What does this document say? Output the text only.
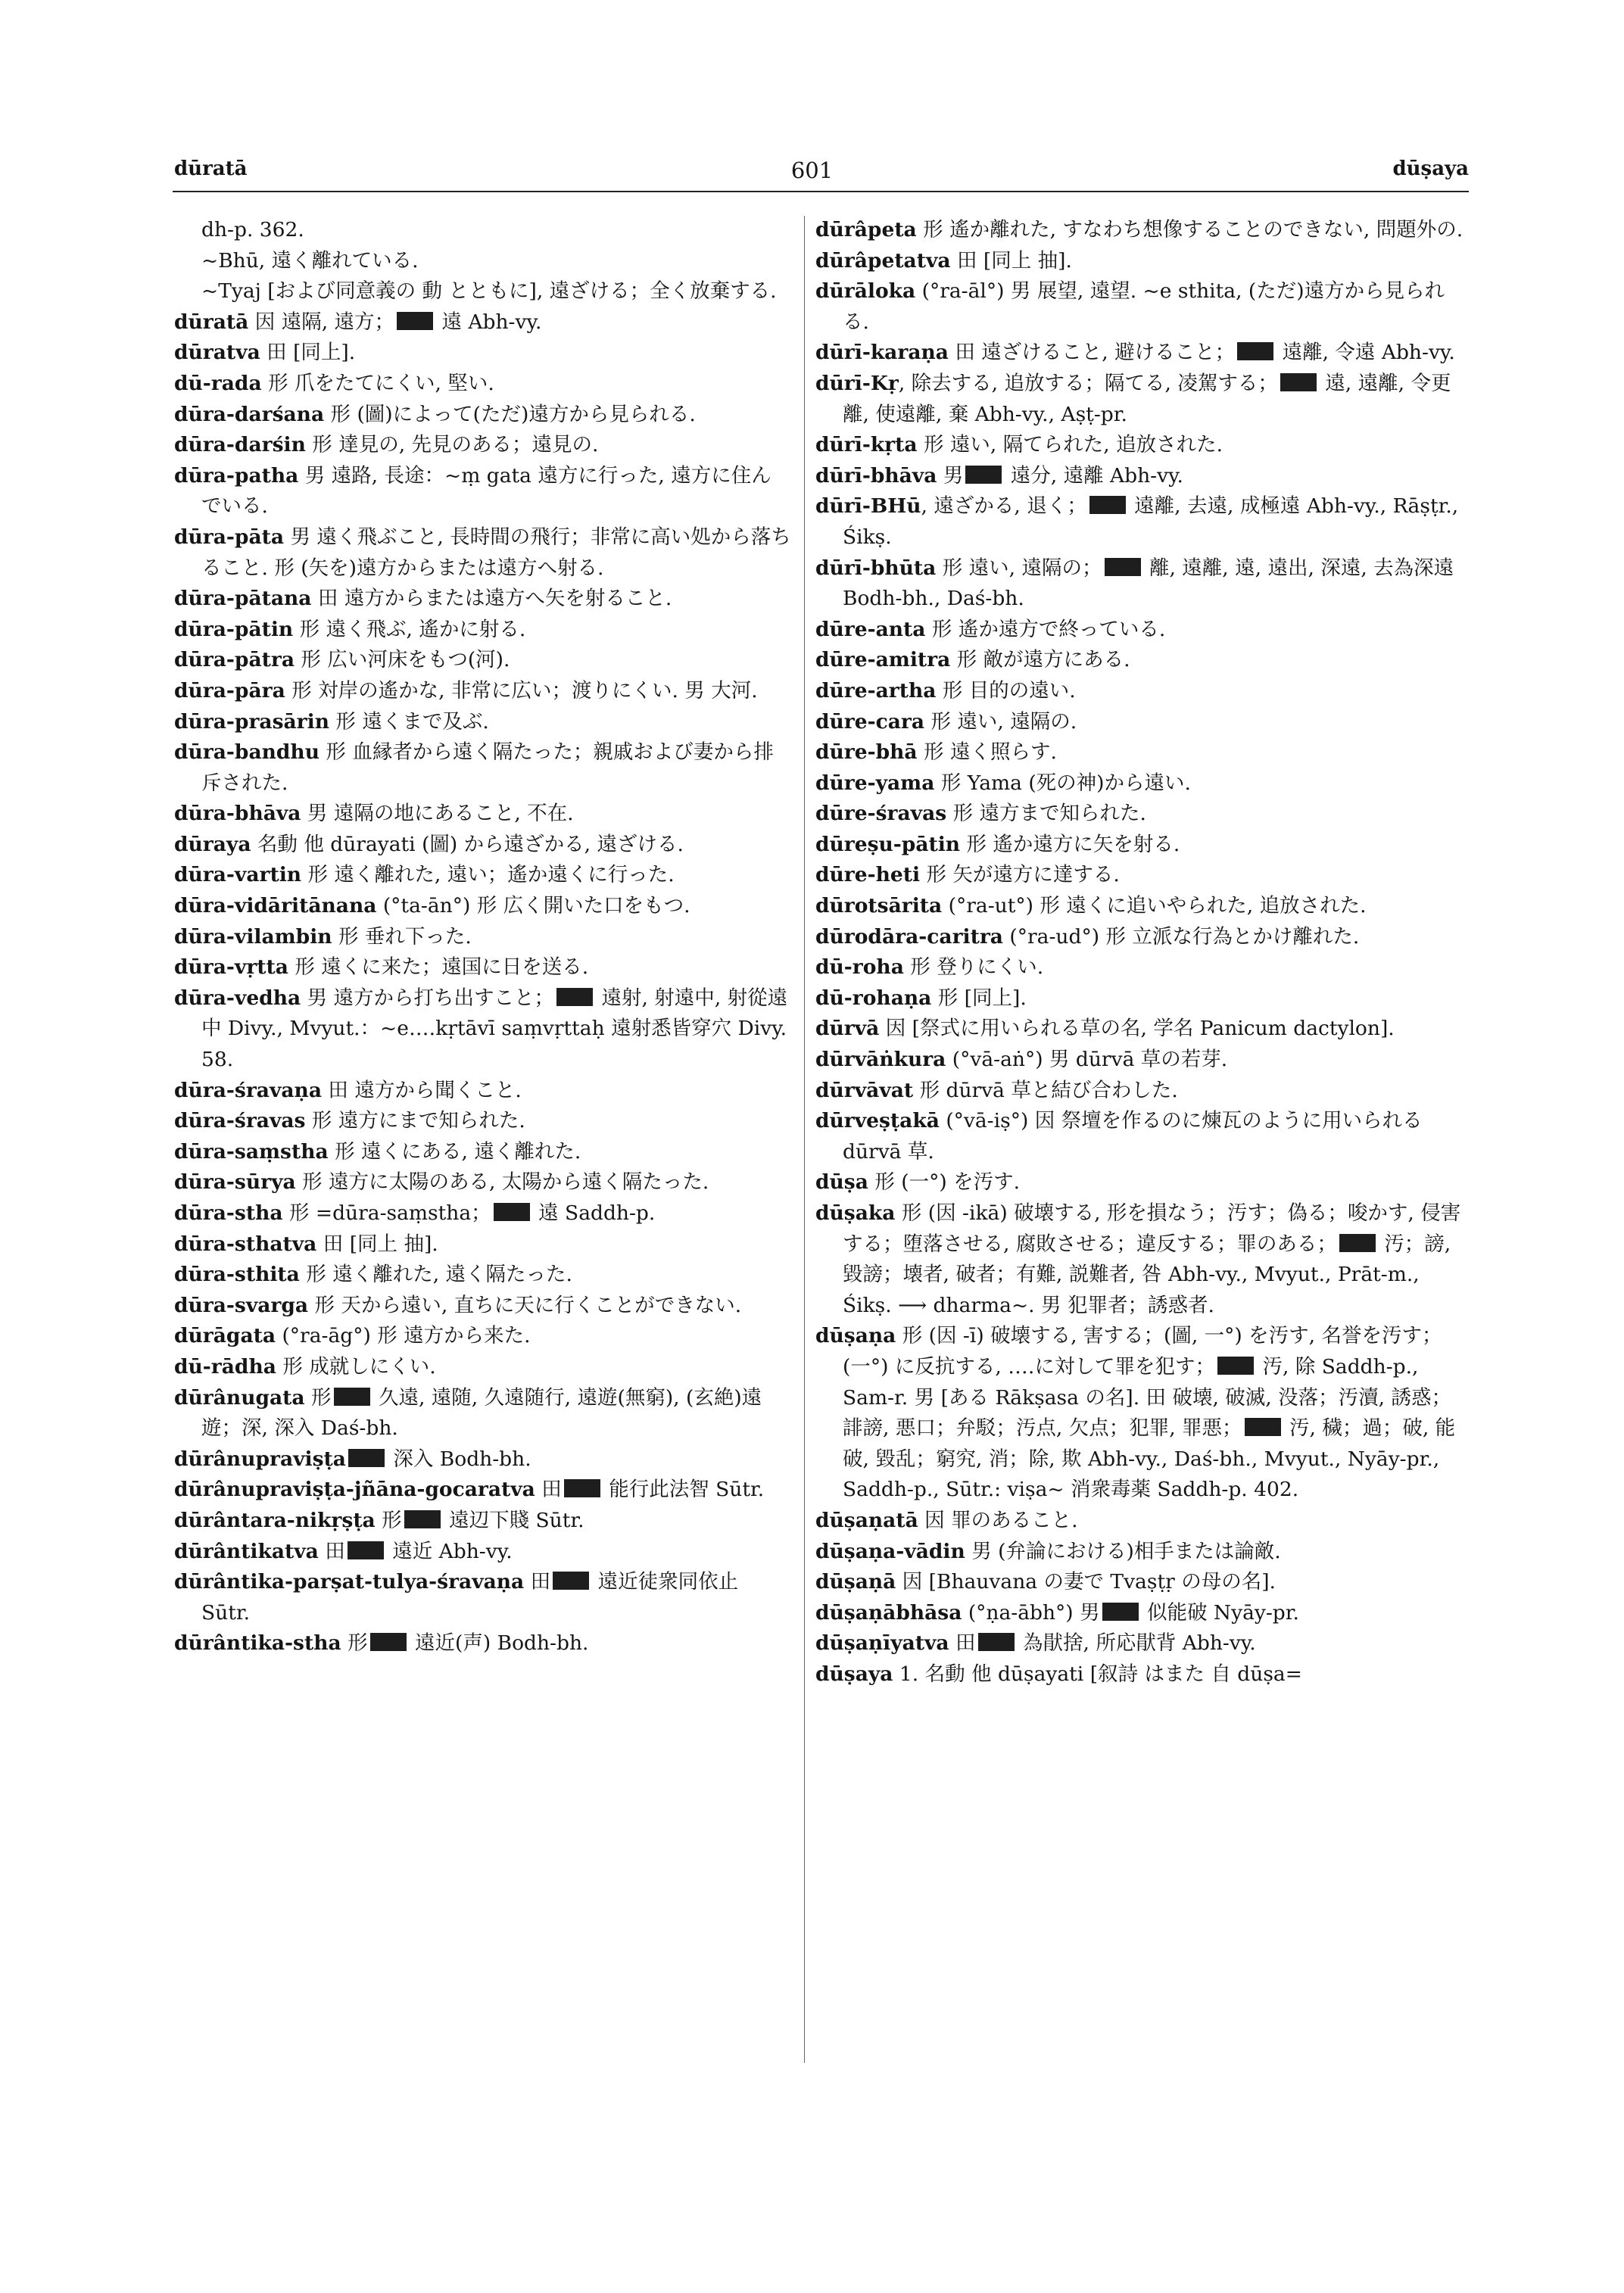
dūratā	601	dūṣaya

dh-p. 362.

~Bhū, 遠く離れている.

~Tyaj [および同意義の 動 とともに], 遠ざける；全く放棄する.

dūratā 因 遠隔, 遠方； 遠 Abh-vy.

dūratva 田 [同上].

dū-rada 形 爪をたてにくい, 堅い.

dūra-darśana 形 (圖)によって(ただ)遠方から見られる.

dūra-darśin 形 達見の, 先見のある；遠見の.

dūra-patha 男 遠路, 長途：~ṃ gata 遠方に行った, 遠方に住んでいる.

dūra-pāta 男 遠く飛ぶこと, 長時間の飛行；非常に高い処から落ちること. 形 (矢を)遠方からまたは遠方へ射る.

dūra-pātana 田 遠方からまたは遠方へ矢を射ること.

dūra-pātin 形 遠く飛ぶ, 遙かに射る.

dūra-pātra 形 広い河床をもつ(河).

dūra-pāra 形 対岸の遙かな, 非常に広い；渡りにくい. 男 大河.

dūra-prasārin 形 遠くまで及ぶ.

dūra-bandhu 形 血縁者から遠く隔たった；親戚および妻から排斥された.

dūra-bhāva 男 遠隔の地にあること, 不在.

dūraya 名動 他 dūrayati (圖) から遠ざかる, 遠ざける.

dūra-vartin 形 遠く離れた, 遠い；遙か遠くに行った.

dūra-vidāritānana (°ta-ān°) 形 広く開いた口をもつ.

dūra-vilambin 形 垂れ下った.

dūra-vṛtta 形 遠くに来た；遠国に日を送る.

dūra-vedha 男 遠方から打ち出すこと； 遠射, 射遠中, 射從遠中 Divy., Mvyut.：~e‥‥kṛtāvī saṃvṛttaḥ 遠射悉皆穿穴 Divy. 58.

dūra-śravaṇa 田 遠方から聞くこと.

dūra-śravas 形 遠方にまで知られた.

dūra-saṃstha 形 遠くにある, 遠く離れた.

dūra-sūrya 形 遠方に太陽のある, 太陽から遠く隔たった.

dūra-stha 形 =dūra-saṃstha； 遠 Saddh-p.

dūra-sthatva 田 [同上 抽].

dūra-sthita 形 遠く離れた, 遠く隔たった.

dūra-svarga 形 天から遠い, 直ちに天に行くことができない.

dūrāgata (°ra-āg°) 形 遠方から来た.

dū-rādha 形 成就しにくい.

dūrânugata 形 久遠, 遠随, 久遠随行, 遠遊(無窮), (玄絶)遠遊；深, 深入 Daś-bh.

dūrânupraviṣṭa 深入 Bodh-bh.

dūrânupraviṣṭa-jñāna-gocaratva 田 能行此法智 Sūtr.

dūrântara-nikṛṣṭa 形 遠辺下賤 Sūtr.

dūrântikatva 田 遠近 Abh-vy.

dūrântika-parṣat-tulya-śravaṇa 田 遠近徒衆同依止 Sūtr.

dūrântika-stha 形 遠近(声) Bodh-bh.

dūrâpeta 形 遙か離れた, すなわち想像することのできない, 問題外の.

dūrâpetatva 田 [同上 抽].

dūrāloka (°ra-āl°) 男 展望, 遠望. ~e sthita, (ただ)遠方から見られる.

dūrī-karaṇa 田 遠ざけること, 避けること； 遠離, 令遠 Abh-vy.

dūrī-Kṛ, 除去する, 追放する；隔てる, 凌駕する； 遠, 遠離, 令更離, 使遠離, 棄 Abh-vy., Aṣṭ-pr.

dūrī-kṛta 形 遠い, 隔てられた, 追放された.

dūrī-bhāva 男 遠分, 遠離 Abh-vy.

dūrī-BHū, 遠ざかる, 退く； 遠離, 去遠, 成極遠 Abh-vy., Rāṣṭr., Śikṣ.

dūrī-bhūta 形 遠い, 遠隔の； 離, 遠離, 遠, 遠出, 深遠, 去為深遠 Bodh-bh., Daś-bh.

dūre-anta 形 遙か遠方で終っている.

dūre-amitra 形 敵が遠方にある.

dūre-artha 形 目的の遠い.

dūre-cara 形 遠い, 遠隔の.

dūre-bhā 形 遠く照らす.

dūre-yama 形 Yama (死の神)から遠い.

dūre-śravas 形 遠方まで知られた.

dūreṣu-pātin 形 遙か遠方に矢を射る.

dūre-heti 形 矢が遠方に達する.

dūrotsārita (°ra-ut°) 形 遠くに追いやられた, 追放された.

dūrodāra-caritra (°ra-ud°) 形 立派な行為とかけ離れた.

dū-roha 形 登りにくい.

dū-rohaṇa 形 [同上].

dūrvā 因 [祭式に用いられる草の名, 学名 Panicum dactylon].

dūrvāṅkura (°vā-aṅ°) 男 dūrvā 草の若芽.

dūrvāvat 形 dūrvā 草と結び合わした.

dūrveṣṭakā (°vā-iṣ°) 因 祭壇を作るのに煉瓦のように用いられる dūrvā 草.

dūṣa 形 (一°) を汚す.

dūṣaka 形 (因 -ikā) 破壊する, 形を損なう；汚す；偽る；唆かす, 侵害する；堕落させる, 腐敗させる；違反する；罪のある； 汚；謗, 毀謗；壊者, 破者；有難, 説難者, 咎 Abh-vy., Mvyut., Prāt-m., Śikṣ. ⟶ dharma~. 男 犯罪者；誘惑者.

dūṣaṇa 形 (因 -ī) 破壊する, 害する；(圖, 一°) を汚す, 名誉を汚す；(一°) に反抗する, ‥‥に対して罪を犯す； 汚, 除 Saddh-p., Sam-r. 男 [ある Rākṣasa の名]. 田 破壊, 破滅, 没落；汚瀆, 誘惑；誹謗, 悪口；弁駁；汚点, 欠点；犯罪, 罪悪； 汚, 穢；過；破, 能破, 毀乱；窮究, 消；除, 欺 Abh-vy., Daś-bh., Mvyut., Nyāy-pr., Saddh-p., Sūtr.: viṣa~ 消衆毒薬 Saddh-p. 402.

dūṣaṇatā 因 罪のあること.

dūṣaṇa-vādin 男 (弁論における)相手または論敵.

dūṣaṇā 因 [Bhauvana の妻で Tvaṣṭṛ の母の名].

dūṣaṇābhāsa (°ṇa-ābh°) 男 似能破 Nyāy-pr.

dūṣaṇīyatva 田 為猒捨, 所応猒背 Abh-vy.

dūṣaya 1. 名動 他 dūṣayati [叙詩 はまた 自 dūṣa=
